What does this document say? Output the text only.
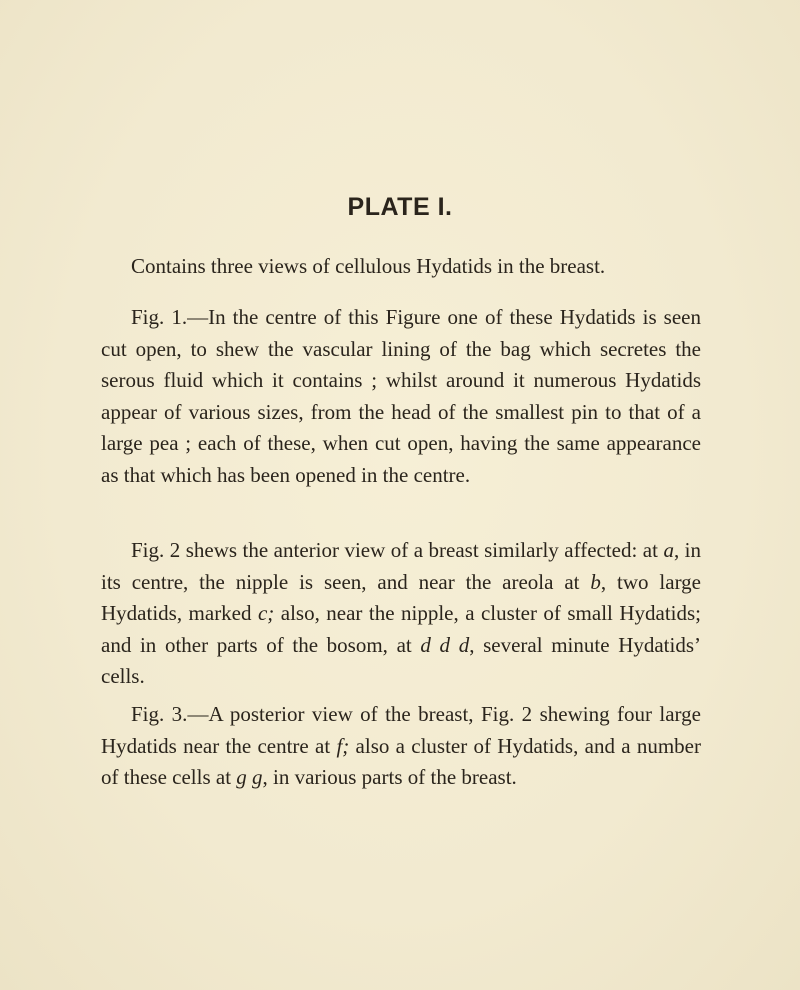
PLATE I.

Contains three views of cellulous Hydatids in the breast.

Fig. 1.—In the centre of this Figure one of these Hydatids is seen cut open, to shew the vascular lining of the bag which secretes the serous fluid which it contains ; whilst around it numerous Hydatids appear of various sizes, from the head of the smallest pin to that of a large pea ; each of these, when cut open, having the same appearance as that which has been opened in the centre.

Fig. 2 shews the anterior view of a breast similarly affected: at a, in its centre, the nipple is seen, and near the areola at b, two large Hydatids, marked c; also, near the nipple, a cluster of small Hydatids; and in other parts of the bosom, at d d d, several minute Hydatids’ cells.

Fig. 3.—A posterior view of the breast, Fig. 2 shewing four large Hydatids near the centre at f; also a cluster of Hydatids, and a number of these cells at g g, in various parts of the breast.
